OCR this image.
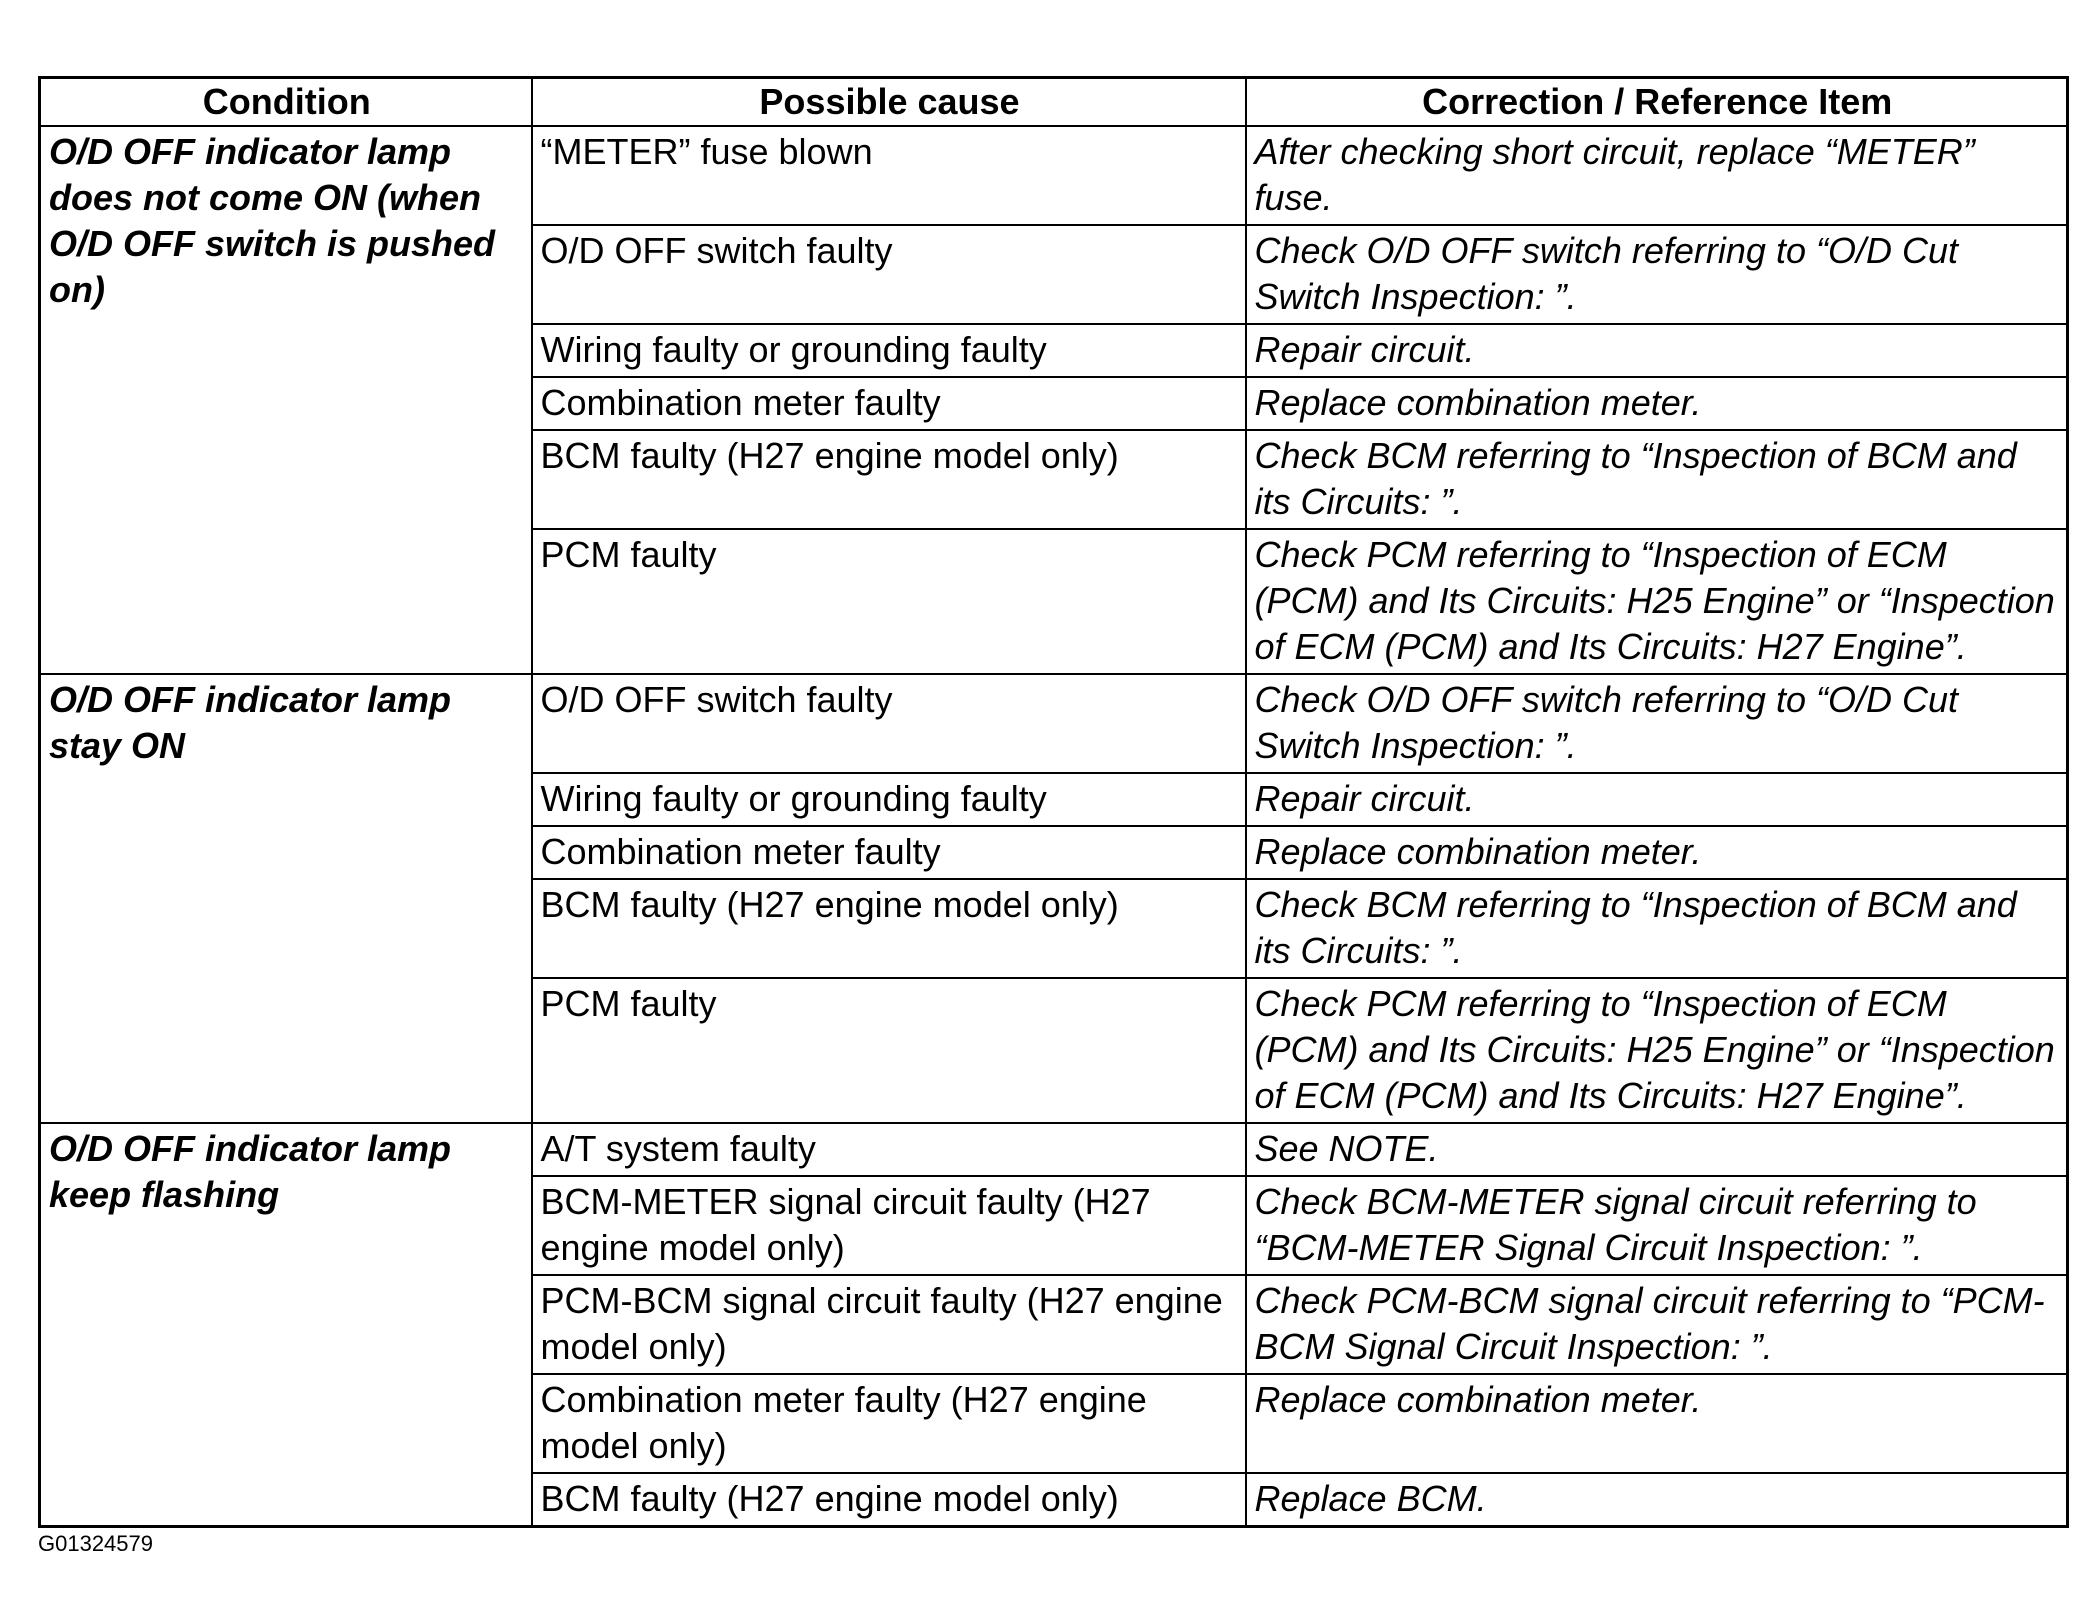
Condition	Possible cause	Correction / Reference Item
O/D OFF indicator lamp does not come ON (when O/D OFF switch is pushed on)	“METER” fuse blown	After checking short circuit, replace “METER” fuse.
	O/D OFF switch faulty	Check O/D OFF switch referring to “O/D Cut Switch Inspection: ”.
	Wiring faulty or grounding faulty	Repair circuit.
	Combination meter faulty	Replace combination meter.
	BCM faulty (H27 engine model only)	Check BCM referring to “Inspection of BCM and its Circuits: ”.
	PCM faulty	Check PCM referring to “Inspection of ECM (PCM) and Its Circuits: H25 Engine” or “Inspection of ECM (PCM) and Its Circuits: H27 Engine”.
O/D OFF indicator lamp stay ON	O/D OFF switch faulty	Check O/D OFF switch referring to “O/D Cut Switch Inspection: ”.
	Wiring faulty or grounding faulty	Repair circuit.
	Combination meter faulty	Replace combination meter.
	BCM faulty (H27 engine model only)	Check BCM referring to “Inspection of BCM and its Circuits: ”.
	PCM faulty	Check PCM referring to “Inspection of ECM (PCM) and Its Circuits: H25 Engine” or “Inspection of ECM (PCM) and Its Circuits: H27 Engine”.
O/D OFF indicator lamp keep flashing	A/T system faulty	See NOTE.
	BCM-METER signal circuit faulty (H27 engine model only)	Check BCM-METER signal circuit referring to “BCM-METER Signal Circuit Inspection: ”.
	PCM-BCM signal circuit faulty (H27 engine model only)	Check PCM-BCM signal circuit referring to “PCM-BCM Signal Circuit Inspection: ”.
	Combination meter faulty (H27 engine model only)	Replace combination meter.
	BCM faulty (H27 engine model only)	Replace BCM.
G01324579
